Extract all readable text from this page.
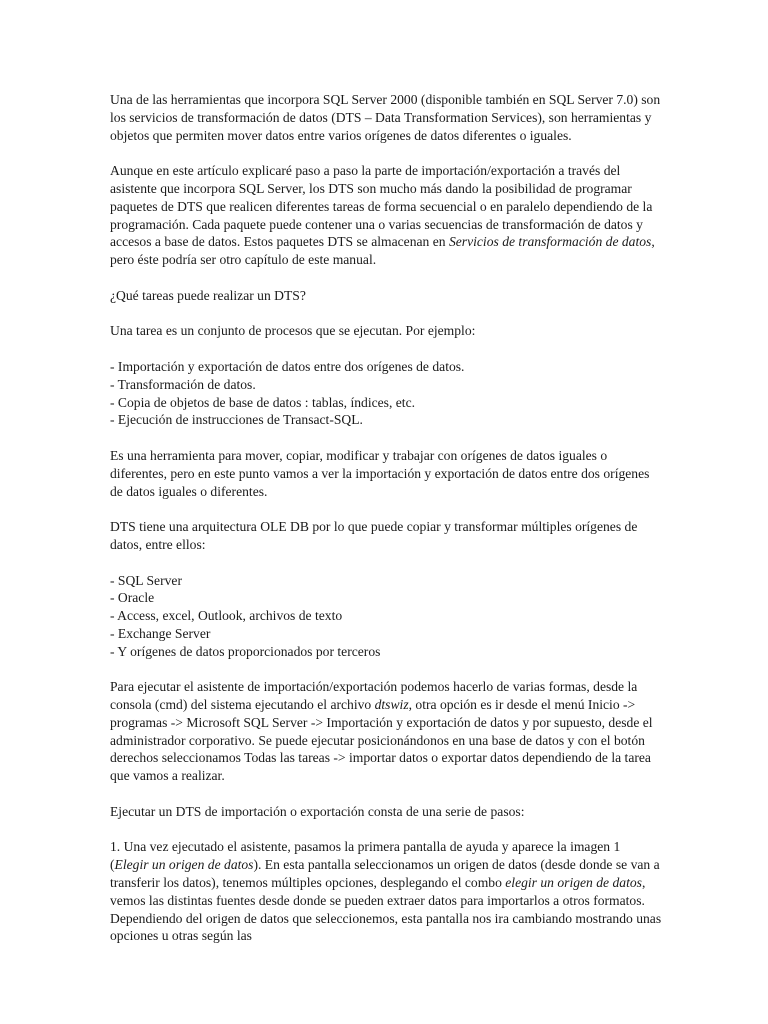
Una de las herramientas que incorpora SQL Server 2000 (disponible también en SQL Server 7.0) son los servicios de transformación de datos (DTS – Data Transformation Services), son herramientas y objetos que permiten mover datos entre varios orígenes de datos diferentes o iguales.

Aunque en este artículo explicaré paso a paso la parte de importación/exportación a través del asistente que incorpora SQL Server, los DTS son mucho más dando la posibilidad de programar paquetes de DTS que realicen diferentes tareas de forma secuencial o en paralelo dependiendo de la programación. Cada paquete puede contener una o varias secuencias de transformación de datos y accesos a base de datos. Estos paquetes DTS se almacenan en Servicios de transformación de datos, pero éste podría ser otro capítulo de este manual.

¿Qué tareas puede realizar un DTS?

Una tarea es un conjunto de procesos que se ejecutan. Por ejemplo:

- Importación y exportación de datos entre dos orígenes de datos.
- Transformación de datos.
- Copia de objetos de base de datos : tablas, índices, etc.
- Ejecución de instrucciones de Transact-SQL.

Es una herramienta para mover, copiar, modificar y trabajar con orígenes de datos iguales o diferentes, pero en este punto vamos a ver la importación y exportación de datos entre dos orígenes de datos iguales o diferentes.

DTS tiene una arquitectura OLE DB por lo que puede copiar y transformar múltiples orígenes de datos, entre ellos:

- SQL Server
- Oracle
- Access, excel, Outlook, archivos de texto
- Exchange Server
- Y orígenes de datos proporcionados por terceros

Para ejecutar el asistente de importación/exportación podemos hacerlo de varias formas, desde la consola (cmd) del sistema ejecutando el archivo dtswiz, otra opción es ir desde el menú Inicio -> programas -> Microsoft SQL Server -> Importación y exportación de datos y por supuesto, desde el administrador corporativo. Se puede ejecutar posicionándonos en una base de datos y con el botón derechos seleccionamos Todas las tareas -> importar datos o exportar datos dependiendo de la tarea que vamos a realizar.

Ejecutar un DTS de importación o exportación consta de una serie de pasos:

1. Una vez ejecutado el asistente, pasamos la primera pantalla de ayuda y aparece la imagen 1 (Elegir un origen de datos). En esta pantalla seleccionamos un origen de datos (desde donde se van a transferir los datos), tenemos múltiples opciones, desplegando el combo elegir un origen de datos, vemos las distintas fuentes desde donde se pueden extraer datos para importarlos a otros formatos. Dependiendo del origen de datos que seleccionemos, esta pantalla nos ira cambiando mostrando unas opciones u otras según las
